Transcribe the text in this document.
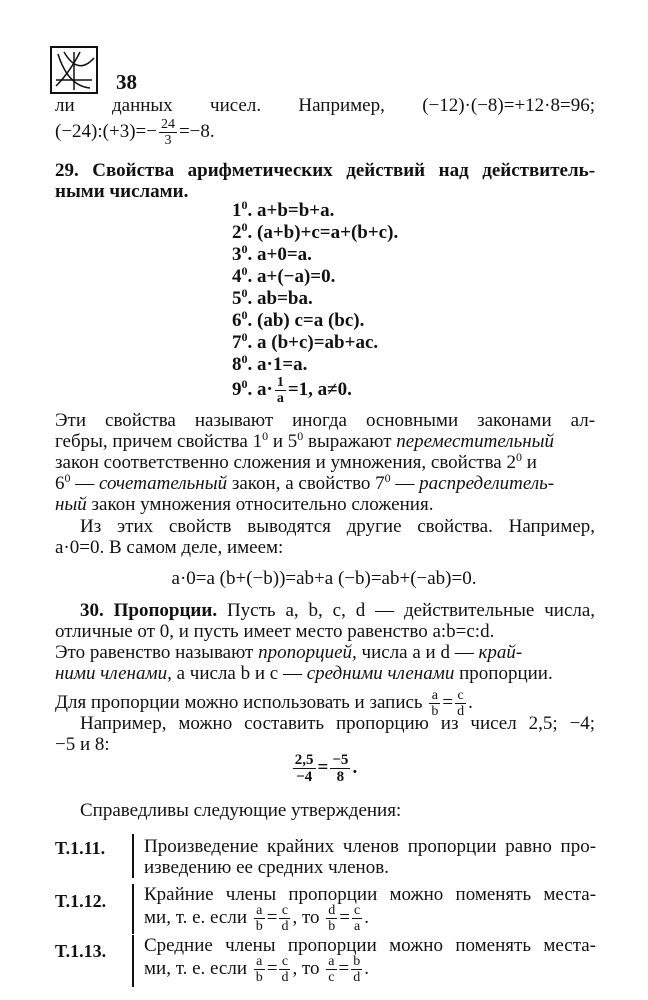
38
ли данных чисел. Например, (−12)·(−8)=+12·8=96;
(−24):(+3)=− $\frac{24}{3} =-8$.
29. Свойства арифметических действий над действитель-
ными числами.
$1^0$. a+b=b+a.
$2^0$. (a+b)+c=a+(b+c).
$3^0$. a+0=a.
$4^0$. a+(−a)=0.
$5^0$. ab=ba.
$6^0$. (ab) c=a (bc).
$7^0$. a (b+c)=ab+ac.
$8^0$. a·1=a.
$9^0$. $a\cdot \frac{1}{a} =1$, a≠0.
Эти свойства называют иногда основными законами ал-
гебры, причем свойства $1^0$ и $5^0$ выражают переместительный
закон соответственно сложения и умножения, свойства $2^0$ и
$6^0$ — сочетательный закон, а свойство $7^0$ — распределитель-
ный закон умножения относительно сложения.
Из этих свойств выводятся другие свойства. Например,
a·0=0. В самом деле, имеем:
a·0=a (b+(−b))=ab+a (−b)=ab+(−ab)=0.
30. Пропорции. Пусть a, b, c, d — действительные числа,
отличные от 0, и пусть имеет место равенство a:b=c:d.
Это равенство называют пропорцией, числа a и d — край-
ними членами, а числа b и c — средними членами пропорции.
Для пропорции можно использовать и запись $\frac{a}{b} = \frac{c}{d}$ .
Например, можно составить пропорцию из чисел 2,5; −4;
−5 и 8:
$\frac{2,5}{-4} = \frac{-5}{8}$ .
Справедливы следующие утверждения:
T.1.11. Произведение крайних членов пропорции равно про-
изведению ее средних членов.
T.1.12. Крайние члены пропорции можно поменять места-
ми, т. е. если $\frac{a}{b} = \frac{c}{d}$ , то $\frac{d}{b} = \frac{c}{a}$ .
T.1.13. Средние члены пропорции можно поменять места-
ми, т. е. если $\frac{a}{b} = \frac{c}{d}$ , то $\frac{a}{c} = \frac{b}{d}$ .
